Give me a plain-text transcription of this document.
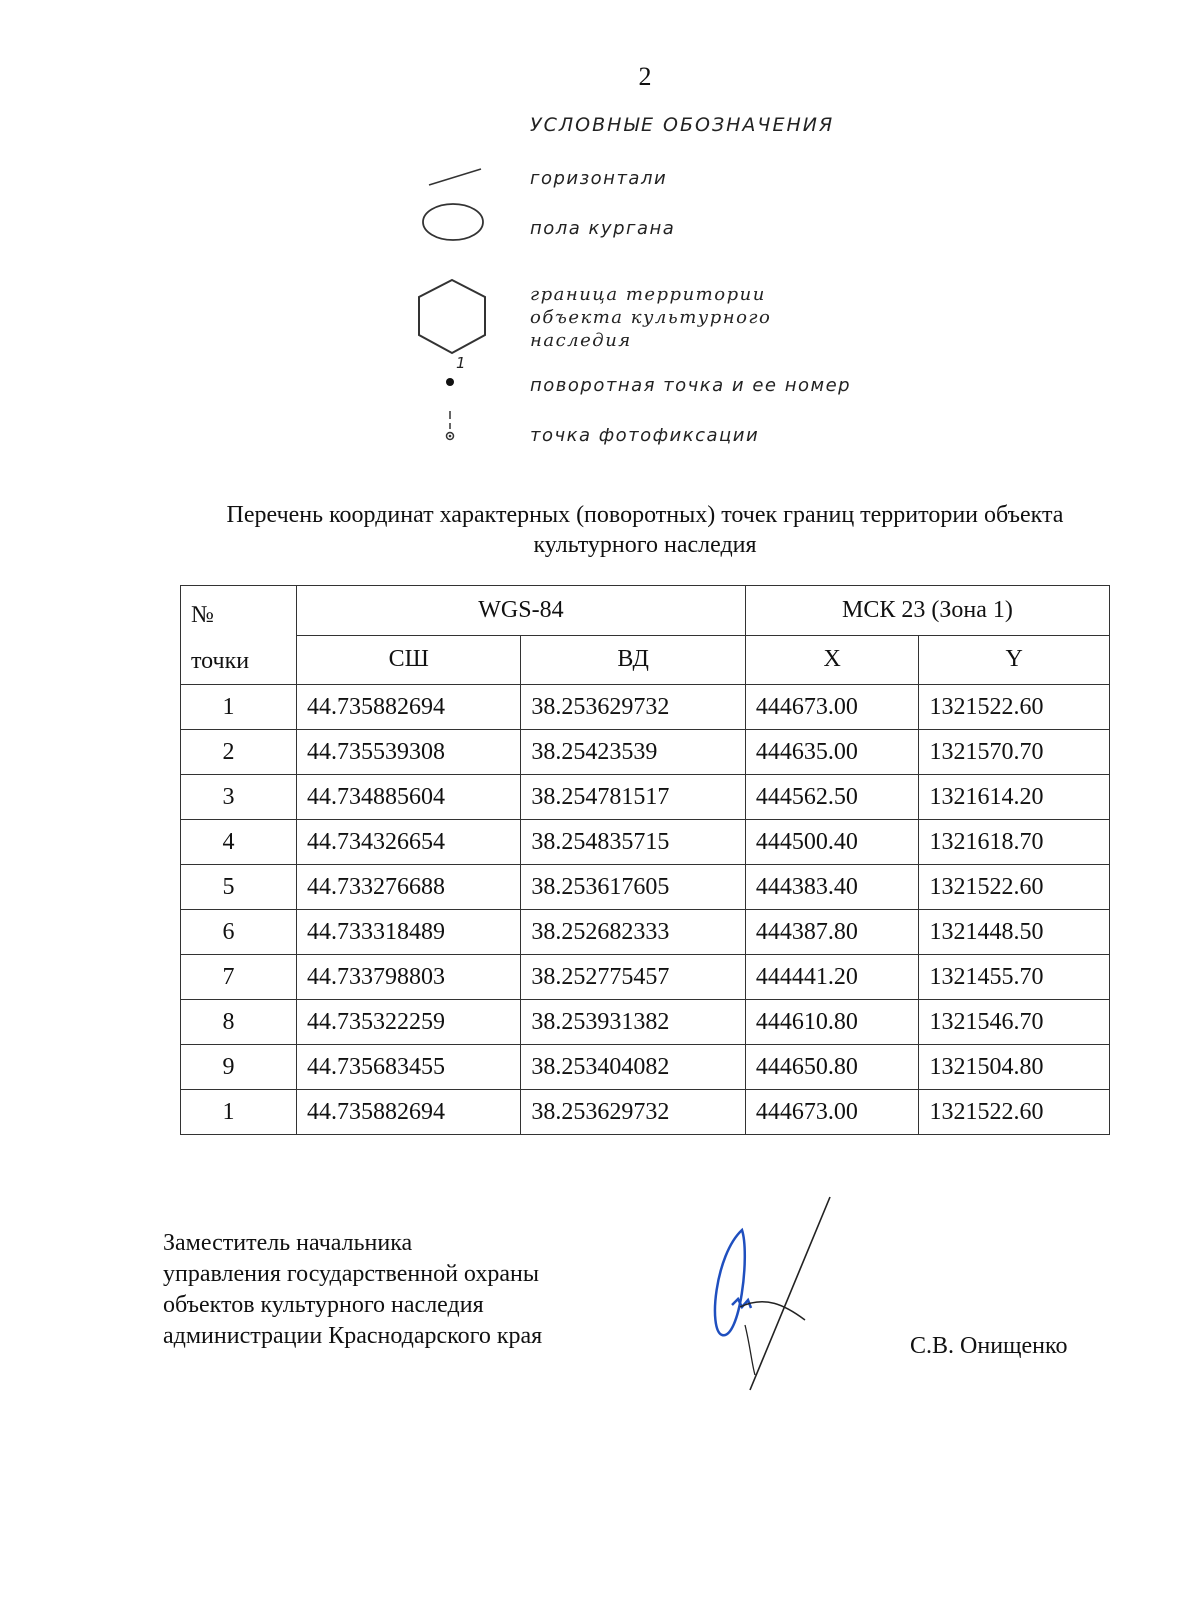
2
УСЛОВНЫЕ ОБОЗНАЧЕНИЯ
горизонтали
пола кургана
граница территории объекта культурного наследия
1
поворотная точка и ее номер
точка фотофиксации
Перечень координат характерных (поворотных) точек границ территории объекта культурного наследия
№
точки	WGS-84		МСК 23 (Зона 1)	
	СШ	ВД	X	Y
1	44.735882694	38.253629732	444673.00	1321522.60
2	44.735539308	38.25423539	444635.00	1321570.70
3	44.734885604	38.254781517	444562.50	1321614.20
4	44.734326654	38.254835715	444500.40	1321618.70
5	44.733276688	38.253617605	444383.40	1321522.60
6	44.733318489	38.252682333	444387.80	1321448.50
7	44.733798803	38.252775457	444441.20	1321455.70
8	44.735322259	38.253931382	444610.80	1321546.70
9	44.735683455	38.253404082	444650.80	1321504.80
1	44.735882694	38.253629732	444673.00	1321522.60
Заместитель начальника
управления государственной охраны
объектов культурного наследия
администрации Краснодарского края	С.В. Онищенко
